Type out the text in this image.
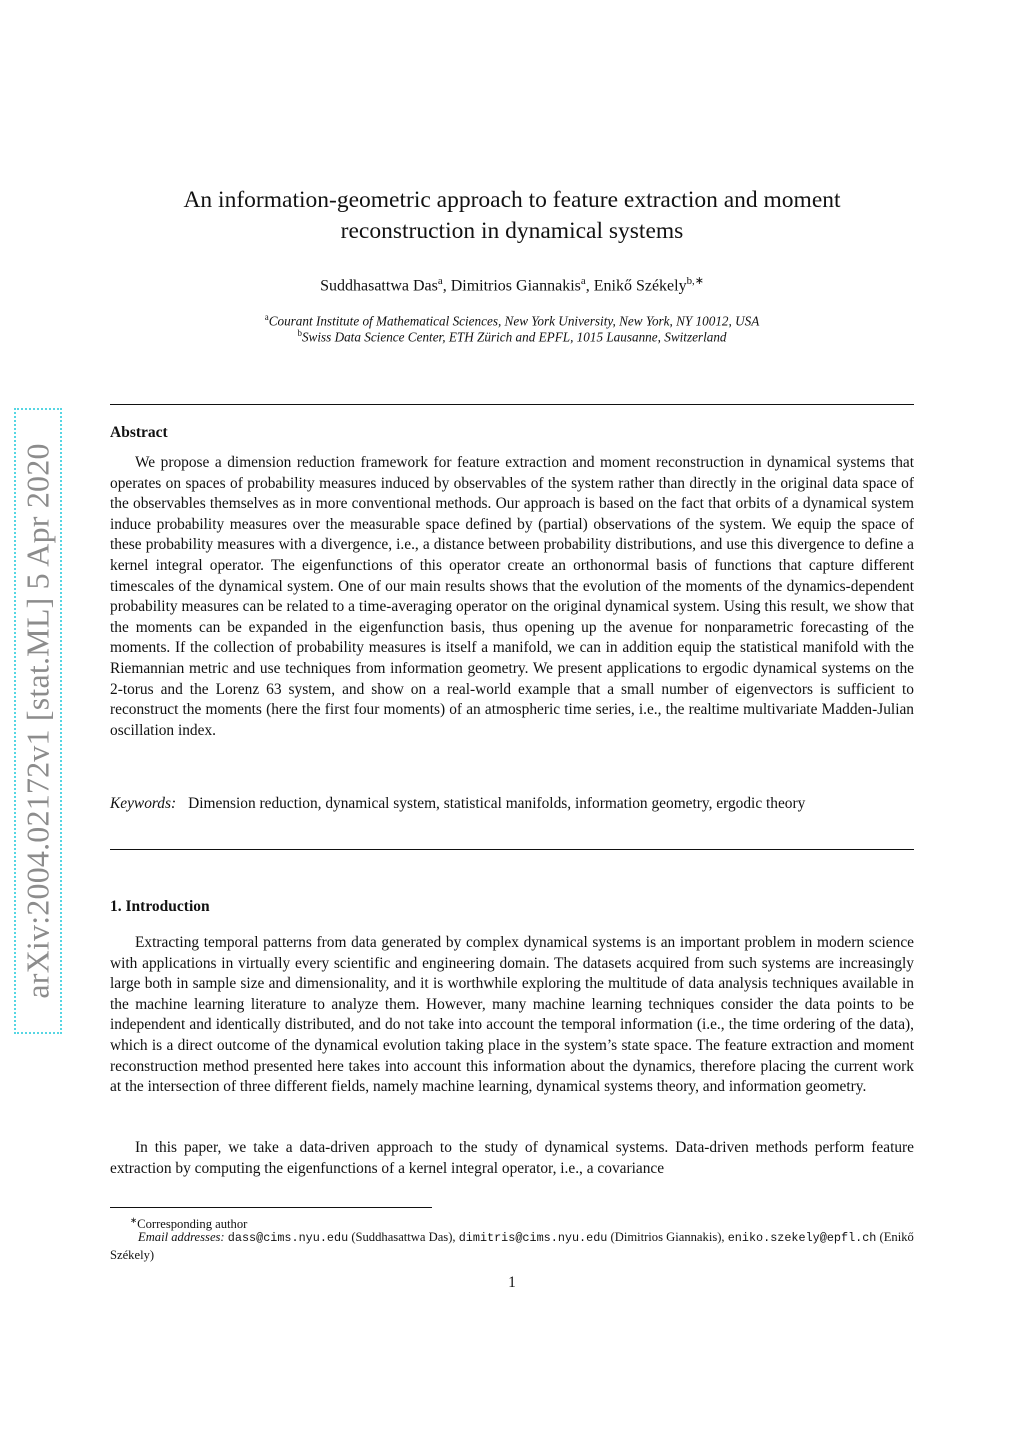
arXiv:2004.02172v1 [stat.ML] 5 Apr 2020
An information-geometric approach to feature extraction and moment
reconstruction in dynamical systems
Suddhasattwa Das$^a$, Dimitrios Giannakis$^a$, Enikő Székely$^{b,∗}$
$^a$Courant Institute of Mathematical Sciences, New York University, New York, NY 10012, USA
$^b$Swiss Data Science Center, ETH Zürich and EPFL, 1015 Lausanne, Switzerland
Abstract

We propose a dimension reduction framework for feature extraction and moment reconstruction in dynamical systems that operates on spaces of probability measures induced by observables of the system rather than directly in the original data space of the observables themselves as in more conventional methods. Our approach is based on the fact that orbits of a dynamical system induce probability measures over the measurable space defined by (partial) observations of the system. We equip the space of these probability measures with a divergence, i.e., a distance between probability distributions, and use this divergence to define a kernel integral operator. The eigenfunctions of this operator create an orthonormal basis of functions that capture different timescales of the dynamical system. One of our main results shows that the evolution of the moments of the dynamics-dependent probability measures can be related to a time-averaging operator on the original dynamical system. Using this result, we show that the moments can be expanded in the eigenfunction basis, thus opening up the avenue for nonparametric forecasting of the moments. If the collection of probability measures is itself a manifold, we can in addition equip the statistical manifold with the Riemannian metric and use techniques from information geometry. We present applications to ergodic dynamical systems on the 2-torus and the Lorenz 63 system, and show on a real-world example that a small number of eigenvectors is sufficient to reconstruct the moments (here the first four moments) of an atmospheric time series, i.e., the realtime multivariate Madden-Julian oscillation index.

Keywords: Dimension reduction, dynamical system, statistical manifolds, information geometry, ergodic theory

1. Introduction

Extracting temporal patterns from data generated by complex dynamical systems is an important problem in modern science with applications in virtually every scientific and engineering domain. The datasets acquired from such systems are increasingly large both in sample size and dimensionality, and it is worthwhile exploring the multitude of data analysis techniques available in the machine learning literature to analyze them. However, many machine learning techniques consider the data points to be independent and identically distributed, and do not take into account the temporal information (i.e., the time ordering of the data), which is a direct outcome of the dynamical evolution taking place in the system’s state space. The feature extraction and moment reconstruction method presented here takes into account this information about the dynamics, therefore placing the current work at the intersection of three different fields, namely machine learning, dynamical systems theory, and information geometry.

In this paper, we take a data-driven approach to the study of dynamical systems. Data-driven methods perform feature extraction by computing the eigenfunctions of a kernel integral operator, i.e., a covariance

∗Corresponding author
Email addresses: dass@cims.nyu.edu (Suddhasattwa Das), dimitris@cims.nyu.edu (Dimitrios Giannakis), eniko.szekely@epfl.ch (Enikő Székely)
1
